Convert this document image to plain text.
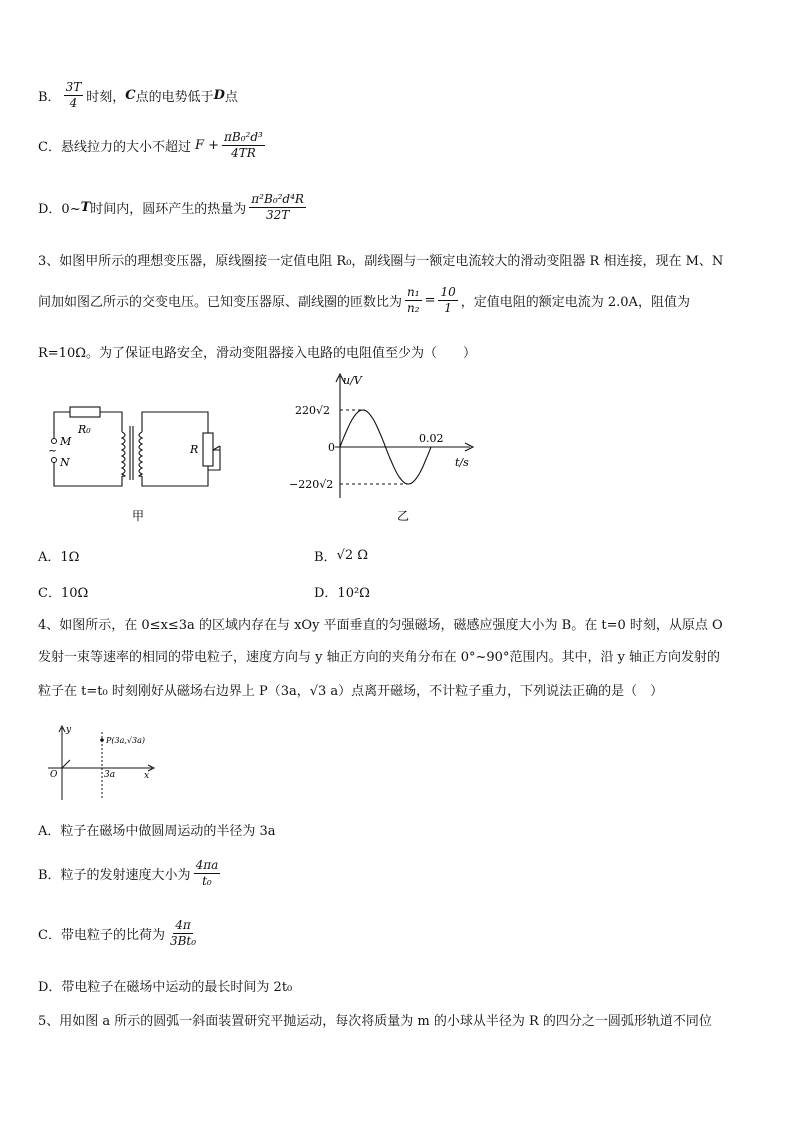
B． $\frac{3T}{4}$ 时刻， C 点的电势低于 D 点
C．悬线拉力的大小不超过 $F + \frac{\text{πB₀²d³}}{4TR}$
D．0~ T 时间内，圆环产生的热量为 $\frac{\text{π²B₀²d⁴R}}{32T}$
3、如图甲所示的理想变压器，原线圈接一定值电阻 R₀，副线圈与一额定电流较大的滑动变阻器 R 相连接，现在 M、N
间加如图乙所示的交变电压。已知变压器原、副线圈的匝数比为 $\frac{\text{n₁}}{\text{n₂}} = \frac{10}{1}$ ，定值电阻的额定电流为 2.0A，阻值为
R=10Ω。为了保证电路安全，滑动变阻器接入电路的电阻值至少为（　　）
R₀
M
~
N
R
甲
u/V
220√2
0
−220√2
0.02
t/s
乙
A．1Ω	B． √2 Ω
C．10Ω	D．10²Ω
4、如图所示，在 0≤x≤3a 的区域内存在与 xOy 平面垂直的匀强磁场，磁感应强度大小为 B。在 t=0 时刻，从原点 O
发射一束等速率的相同的带电粒子，速度方向与 y 轴正方向的夹角分布在 0°~90°范围内。其中，沿 y 轴正方向发射的
粒子在 t=t₀ 时刻刚好从磁场右边界上 P（3a，√3 a）点离开磁场，不计粒子重力，下列说法正确的是（　）
y
x
O	3a
P(3a,√3a)
A．粒子在磁场中做圆周运动的半径为 3a
B．粒子的发射速度大小为 $\frac{4\pi a}{\text{t₀}}$
C．带电粒子的比荷为 $\frac{4\pi}{\text{3Bt₀}}$
D．带电粒子在磁场中运动的最长时间为 2t₀
5、用如图 a 所示的圆弧一斜面装置研究平抛运动，每次将质量为 m 的小球从半径为 R 的四分之一圆弧形轨道不同位
